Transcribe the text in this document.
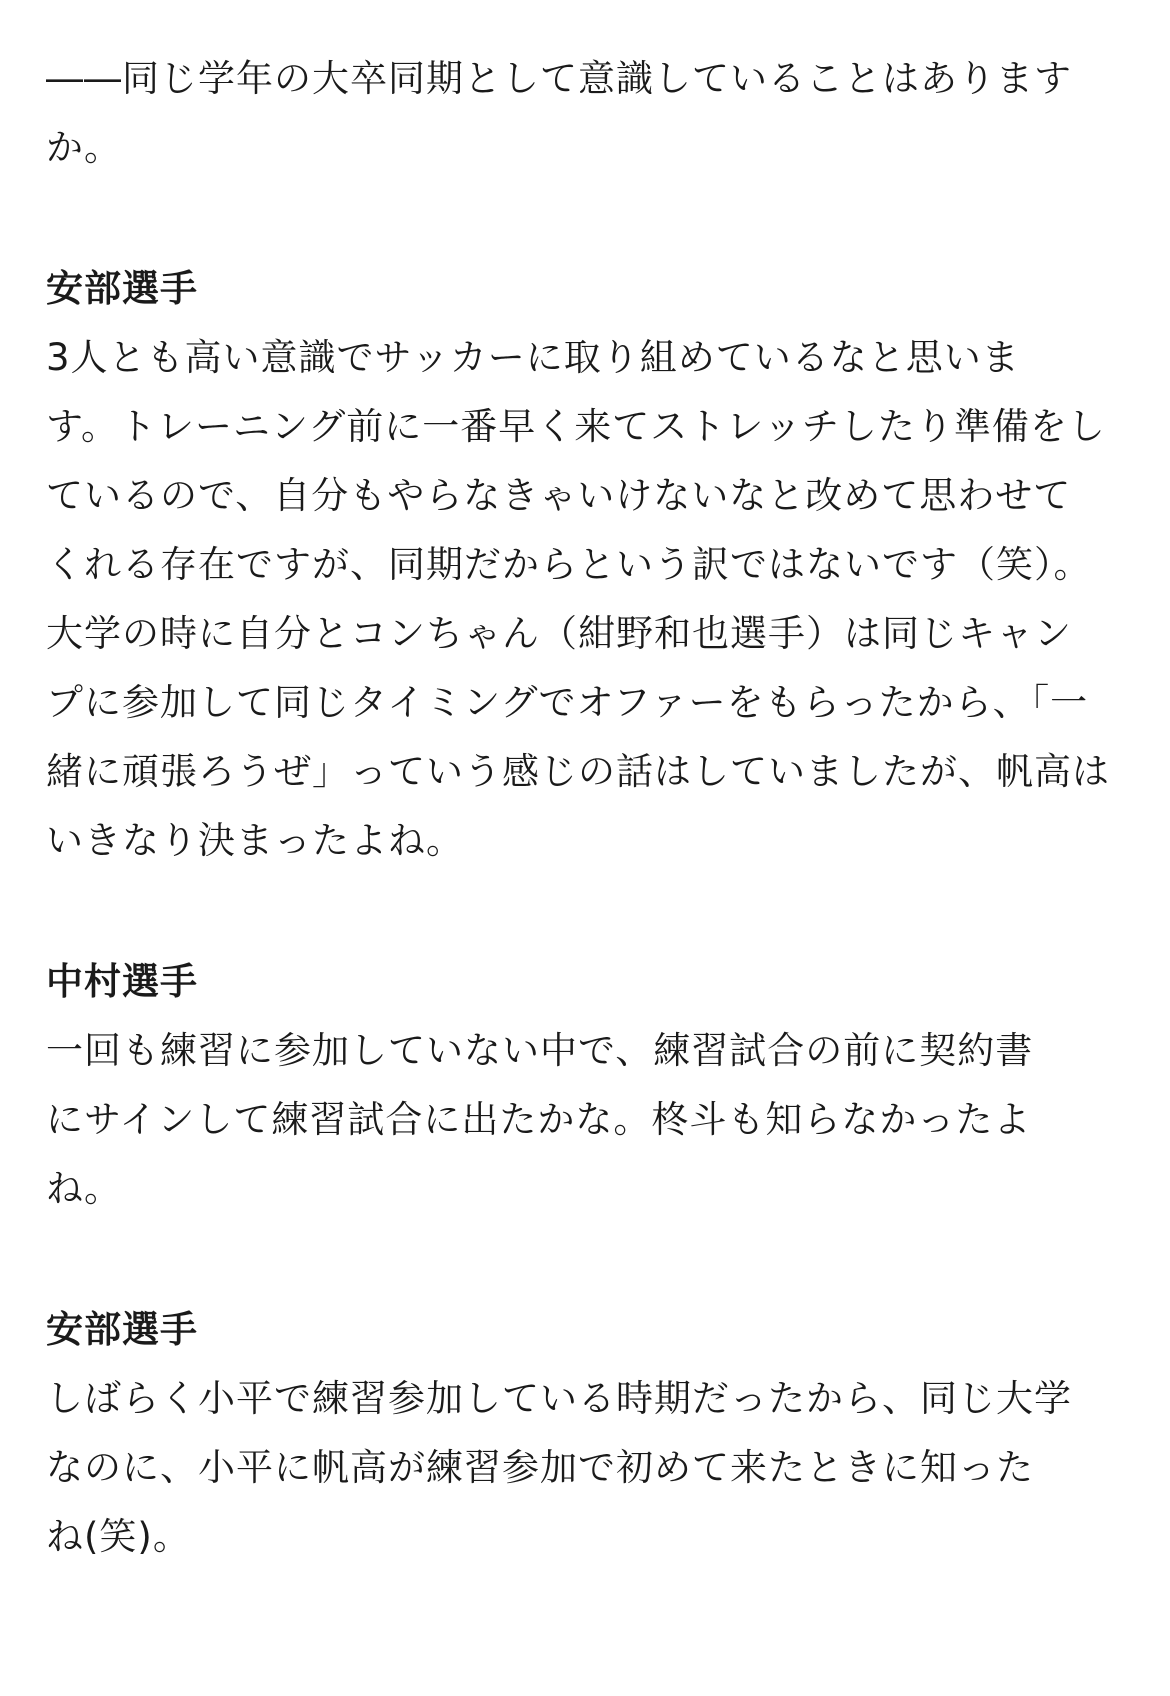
――同じ学年の大卒同期として意識していることはあります
か。
安部選手
3人とも高い意識でサッカーに取り組めているなと思いま
す。トレーニング前に一番早く来てストレッチしたり準備をし
ているので、自分もやらなきゃいけないなと改めて思わせて
くれる存在ですが、同期だからという訳ではないです（笑）。
大学の時に自分とコンちゃん（紺野和也選手）は同じキャン
プに参加して同じタイミングでオファーをもらったから、「一
緒に頑張ろうぜ」っていう感じの話はしていましたが、帆高は
いきなり決まったよね。
中村選手
一回も練習に参加していない中で、練習試合の前に契約書
にサインして練習試合に出たかな。柊斗も知らなかったよ
ね。
安部選手
しばらく小平で練習参加している時期だったから、同じ大学
なのに、小平に帆高が練習参加で初めて来たときに知った
ね(笑)。
